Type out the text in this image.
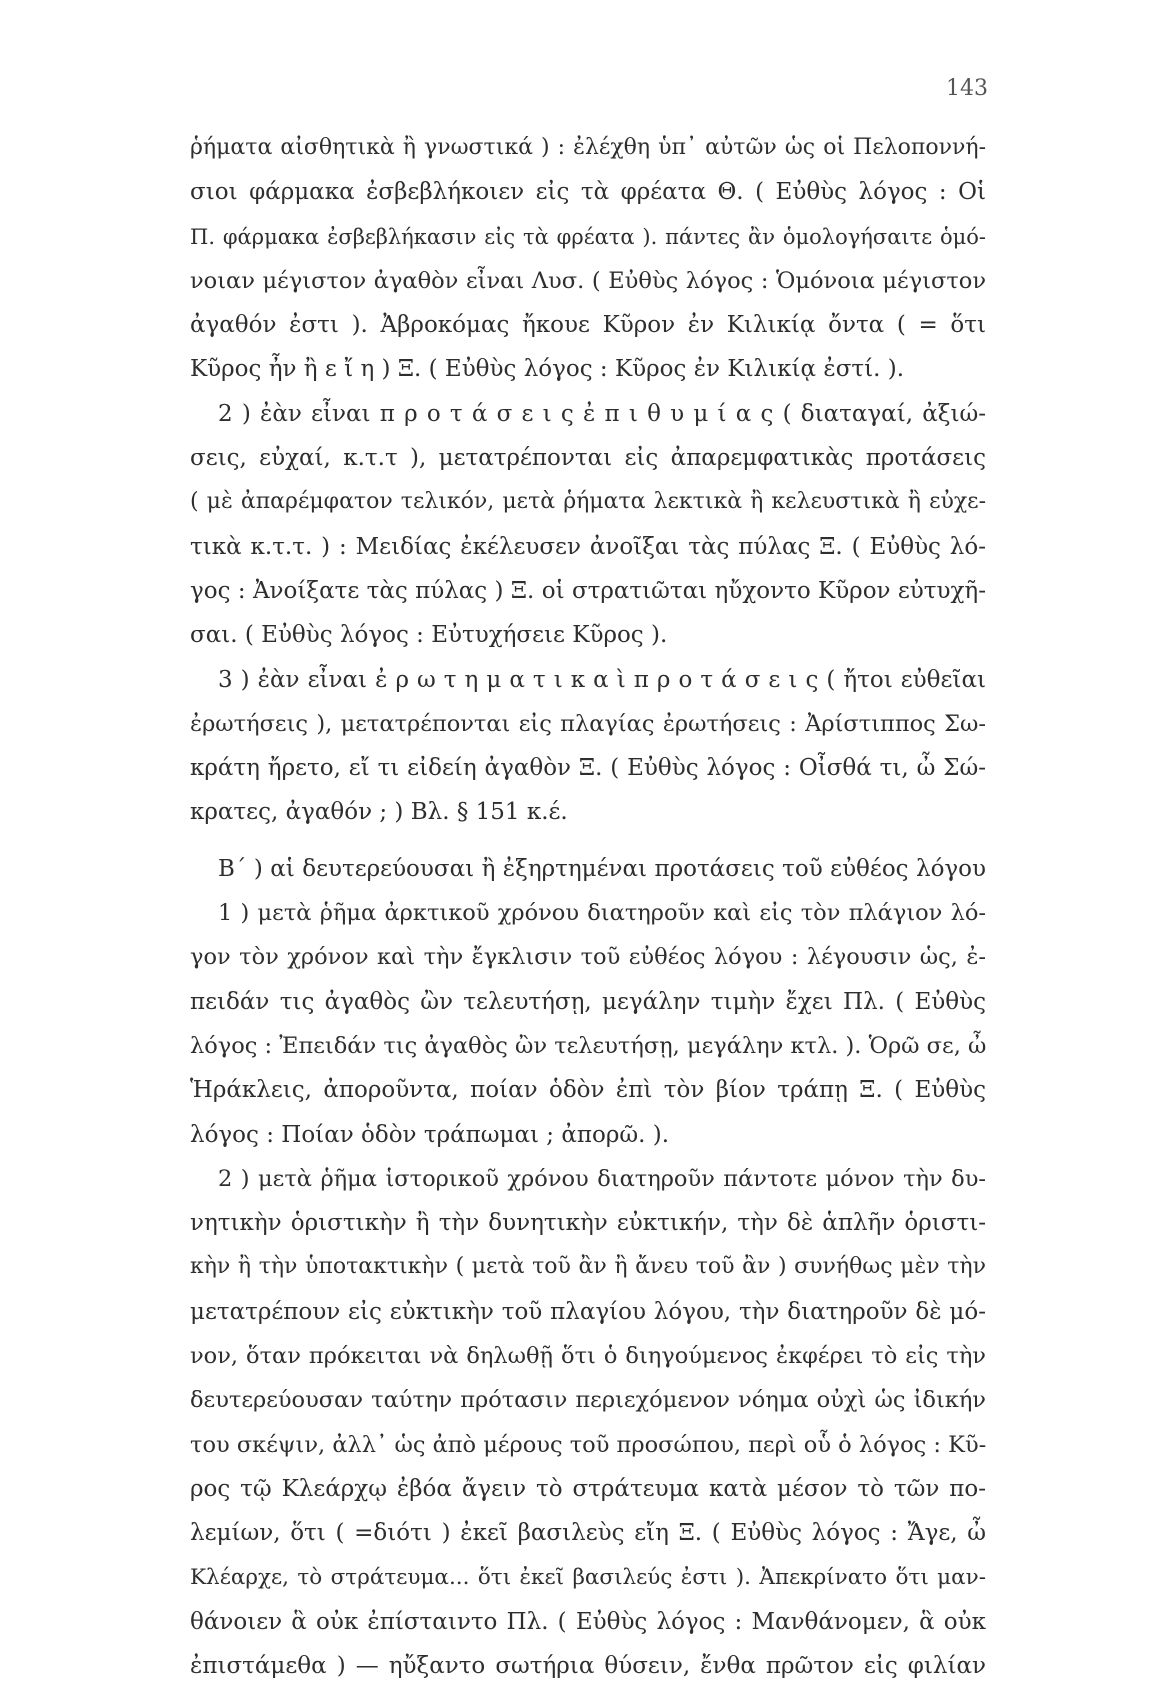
143
ῥήματα αἰσθητικὰ ἢ γνωστικά ) : ἐλέχθη ὑπ᾽ αὐτῶν ὡς οἱ Πελοποννή-
σιοι φάρμακα ἐσβεβλήκοιεν εἰς τὰ φρέατα Θ. ( Εὐθὺς λόγος : Οἱ
Π. φάρμακα ἐσβεβλήκασιν εἰς τὰ φρέατα ). πάντες ἂν ὁμολογήσαιτε ὁμό-
νοιαν μέγιστον ἀγαθὸν εἶναι Λυσ. ( Εὐθὺς λόγος : Ὁμόνοια μέγιστον
ἀγαθόν ἐστι ). Ἀβροκόμας ἤκουε Κῦρον ἐν Κιλικίᾳ ὄντα ( = ὅτι
Κῦρος ἦν ἢ ε ἴ η ) Ξ. ( Εὐθὺς λόγος : Κῦρος ἐν Κιλικίᾳ ἐστί. ).
2 ) ἐὰν εἶναι π ρ ο τ ά σ ε ι ς ἐ π ι θ υ μ ί α ς ( διαταγαί, ἀξιώ-
σεις, εὐχαί, κ.τ.τ ), μετατρέπονται εἰς ἀπαρεμφατικὰς προτάσεις
( μὲ ἀπαρέμφατον τελικόν, μετὰ ῥήματα λεκτικὰ ἢ κελευστικὰ ἢ εὐχε-
τικὰ κ.τ.τ. ) : Μειδίας ἐκέλευσεν ἀνοῖξαι τὰς πύλας Ξ. ( Εὐθὺς λό-
γος : Ἀνοίξατε τὰς πύλας ) Ξ. οἱ στρατιῶται ηὔχοντο Κῦρον εὐτυχῆ-
σαι. ( Εὐθὺς λόγος : Εὐτυχήσειε Κῦρος ).
3 ) ἐὰν εἶναι ἐ ρ ω τ η μ α τ ι κ α ὶ π ρ ο τ ά σ ε ι ς ( ἤτοι εὐθεῖαι
ἐρωτήσεις ), μετατρέπονται εἰς πλαγίας ἐρωτήσεις : Ἀρίστιππος Σω-
κράτη ἤρετο, εἴ τι εἰδείη ἀγαθὸν Ξ. ( Εὐθὺς λόγος : Οἶσθά τι, ὦ Σώ-
κρατες, ἀγαθόν ; ) Βλ. § 151 κ.έ.
Β΄ ) αἱ δευτερεύουσαι ἢ ἐξηρτημέναι προτάσεις τοῦ εὐθέος λόγου
1 ) μετὰ ῥῆμα ἀρκτικοῦ χρόνου διατηροῦν καὶ εἰς τὸν πλάγιον λό-
γον τὸν χρόνον καὶ τὴν ἔγκλισιν τοῦ εὐθέος λόγου : λέγουσιν ὡς, ἐ-
πειδάν τις ἀγαθὸς ὢν τελευτήσῃ, μεγάλην τιμὴν ἔχει Πλ. ( Εὐθὺς
λόγος : Ἐπειδάν τις ἀγαθὸς ὢν τελευτήσῃ, μεγάλην κτλ. ). Ὁρῶ σε, ὦ
Ἡράκλεις, ἀποροῦντα, ποίαν ὁδὸν ἐπὶ τὸν βίον τράπῃ Ξ. ( Εὐθὺς
λόγος : Ποίαν ὁδὸν τράπωμαι ; ἀπορῶ. ).
2 ) μετὰ ῥῆμα ἱστορικοῦ χρόνου διατηροῦν πάντοτε μόνον τὴν δυ-
νητικὴν ὁριστικὴν ἢ τὴν δυνητικὴν εὐκτικήν, τὴν δὲ ἁπλῆν ὁριστι-
κὴν ἢ τὴν ὑποτακτικὴν ( μετὰ τοῦ ἂν ἢ ἄνευ τοῦ ἂν ) συνήθως μὲν τὴν
μετατρέπουν εἰς εὐκτικὴν τοῦ πλαγίου λόγου, τὴν διατηροῦν δὲ μό-
νον, ὅταν πρόκειται νὰ δηλωθῇ ὅτι ὁ διηγούμενος ἐκφέρει τὸ εἰς τὴν
δευτερεύουσαν ταύτην πρότασιν περιεχόμενον νόημα οὐχὶ ὡς ἰδικήν
του σκέψιν, ἀλλ᾽ ὡς ἀπὸ μέρους τοῦ προσώπου, περὶ οὗ ὁ λόγος : Κῦ-
ρος τῷ Κλεάρχῳ ἐβόα ἄγειν τὸ στράτευμα κατὰ μέσον τὸ τῶν πο-
λεμίων, ὅτι ( =διότι ) ἐκεῖ βασιλεὺς εἴη Ξ. ( Εὐθὺς λόγος : Ἄγε, ὦ
Κλέαρχε, τὸ στράτευμα... ὅτι ἐκεῖ βασιλεύς ἐστι ). Ἀπεκρίνατο ὅτι μαν-
θάνοιεν ἃ οὐκ ἐπίσταιντο Πλ. ( Εὐθὺς λόγος : Μανθάνομεν, ἃ οὐκ
ἐπιστάμεθα ) — ηὔξαντο σωτήρια θύσειν, ἔνθα πρῶτον εἰς φιλίαν
